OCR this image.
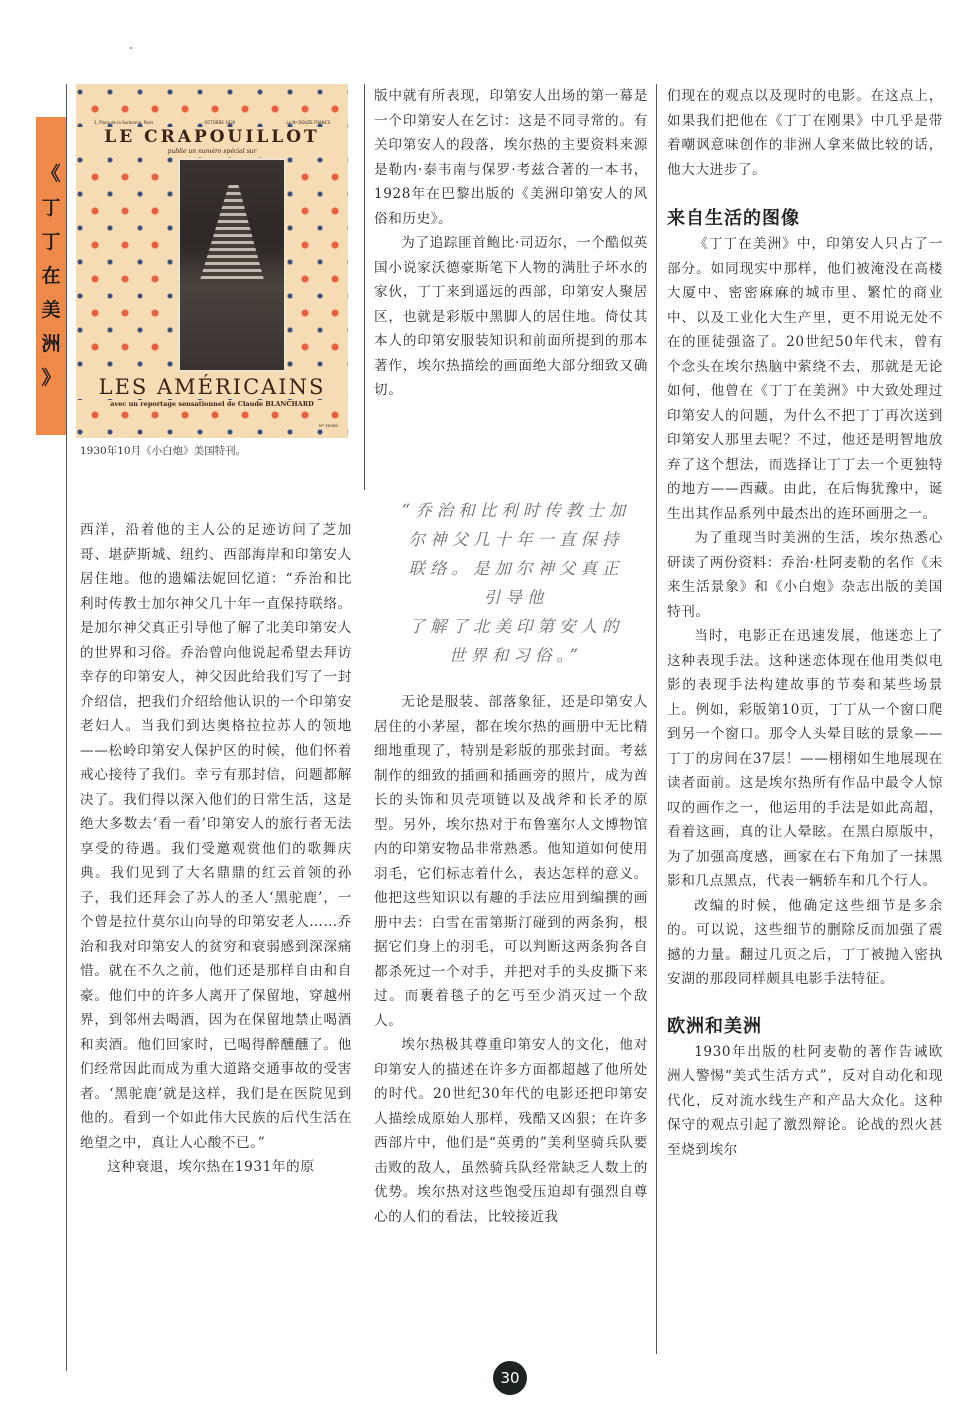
《
丁
丁
在
美
洲
》
1, Place de la Sorbonne, Paris	OCTOBRE 1930	Le Nº DOUZE FRANCS
LE CRAPOUILLOT
publie un numéro spécial sur
LES AMÉRICAINS
avec un reportage sensationnel de Claude BLANCHARD
Nº HORS
1930年10月《小白炮》美国特刊。

西洋，沿着他的主人公的足迹访问了芝加哥、堪萨斯城、纽约、西部海岸和印第安人居住地。他的遗孀法妮回忆道：“乔治和比利时传教士加尔神父几十年一直保持联络。是加尔神父真正引导他了解了北美印第安人的世界和习俗。乔治曾向他说起希望去拜访幸存的印第安人，神父因此给我们写了一封介绍信，把我们介绍给他认识的一个印第安老妇人。当我们到达奥格拉拉苏人的领地——松岭印第安人保护区的时候，他们怀着戒心接待了我们。幸亏有那封信，问题都解决了。我们得以深入他们的日常生活，这是绝大多数去‘看一看’印第安人的旅行者无法享受的待遇。我们受邀观赏他们的歌舞庆典。我们见到了大名鼎鼎的红云首领的孙子，我们还拜会了苏人的圣人‘黑驼鹿’，一个曾是拉什莫尔山向导的印第安老人……乔治和我对印第安人的贫穷和衰弱感到深深痛惜。就在不久之前，他们还是那样自由和自豪。他们中的许多人离开了保留地，穿越州界，到邻州去喝酒，因为在保留地禁止喝酒和卖酒。他们回家时，已喝得醉醺醺了。他们经常因此而成为重大道路交通事故的受害者。‘黑驼鹿’就是这样，我们是在医院见到他的。看到一个如此伟大民族的后代生活在绝望之中，真让人心酸不已。”

这种衰退，埃尔热在1931年的原

版中就有所表现，印第安人出场的第一幕是一个印第安人在乞讨：这是不同寻常的。有关印第安人的段落，埃尔热的主要资料来源是勒内·泰韦南与保罗·考兹合著的一本书，1928年在巴黎出版的《美洲印第安人的风俗和历史》。

为了追踪匪首鲍比·司迈尔，一个酷似英国小说家沃德豪斯笔下人物的满肚子坏水的家伙，丁丁来到遥远的西部，印第安人聚居区，也就是彩版中黑脚人的居住地。倚仗其本人的印第安服装知识和前面所提到的那本著作，埃尔热描绘的画面绝大部分细致又确切。

“乔治和比利时传教士加
尔神父几十年一直保持
联络。是加尔神父真正
引导他
了解了北美印第安人的
世界和习俗。”

无论是服装、部落象征，还是印第安人居住的小茅屋，都在埃尔热的画册中无比精细地重现了，特别是彩版的那张封面。考兹制作的细致的插画和插画旁的照片，成为酋长的头饰和贝壳项链以及战斧和长矛的原型。另外，埃尔热对于布鲁塞尔人文博物馆内的印第安物品非常熟悉。他知道如何使用羽毛，它们标志着什么，表达怎样的意义。他把这些知识以有趣的手法应用到编撰的画册中去：白雪在雷第斯汀碰到的两条狗，根据它们身上的羽毛，可以判断这两条狗各自都杀死过一个对手，并把对手的头皮撕下来过。而裹着毯子的乞丐至少消灭过一个敌人。

埃尔热极其尊重印第安人的文化，他对印第安人的描述在许多方面都超越了他所处的时代。20世纪30年代的电影还把印第安人描绘成原始人那样，残酷又凶狠；在许多西部片中，他们是“英勇的”美利坚骑兵队要击败的敌人，虽然骑兵队经常缺乏人数上的优势。埃尔热对这些饱受压迫却有强烈自尊心的人们的看法，比较接近我

们现在的观点以及现时的电影。在这点上，如果我们把他在《丁丁在刚果》中几乎是带着嘲讽意味创作的非洲人拿来做比较的话，他大大进步了。

来自生活的图像

《丁丁在美洲》中，印第安人只占了一部分。如同现实中那样，他们被淹没在高楼大厦中、密密麻麻的城市里、繁忙的商业中、以及工业化大生产里，更不用说无处不在的匪徒强盗了。20世纪50年代末，曾有个念头在埃尔热脑中萦绕不去，那就是无论如何，他曾在《丁丁在美洲》中大致处理过印第安人的问题，为什么不把丁丁再次送到印第安人那里去呢？不过，他还是明智地放弃了这个想法，而选择让丁丁去一个更独特的地方——西藏。由此，在后悔犹豫中，诞生出其作品系列中最杰出的连环画册之一。

为了重现当时美洲的生活，埃尔热悉心研读了两份资料：乔治·杜阿麦勒的名作《未来生活景象》和《小白炮》杂志出版的美国特刊。

当时，电影正在迅速发展，他迷恋上了这种表现手法。这种迷恋体现在他用类似电影的表现手法构建故事的节奏和某些场景上。例如，彩版第10页，丁丁从一个窗口爬到另一个窗口。那令人头晕目眩的景象——丁丁的房间在37层！——栩栩如生地展现在读者面前。这是埃尔热所有作品中最令人惊叹的画作之一，他运用的手法是如此高超，看着这画，真的让人晕眩。在黑白原版中，为了加强高度感，画家在右下角加了一抹黑影和几点黑点，代表一辆轿车和几个行人。

改编的时候，他确定这些细节是多余的。可以说，这些细节的删除反而加强了震撼的力量。翻过几页之后，丁丁被抛入密执安湖的那段同样颇具电影手法特征。

欧洲和美洲

1930年出版的杜阿麦勒的著作告诫欧洲人警惕“美式生活方式”，反对自动化和现代化，反对流水线生产和产品大众化。这种保守的观点引起了激烈辩论。论战的烈火甚至烧到埃尔

30
